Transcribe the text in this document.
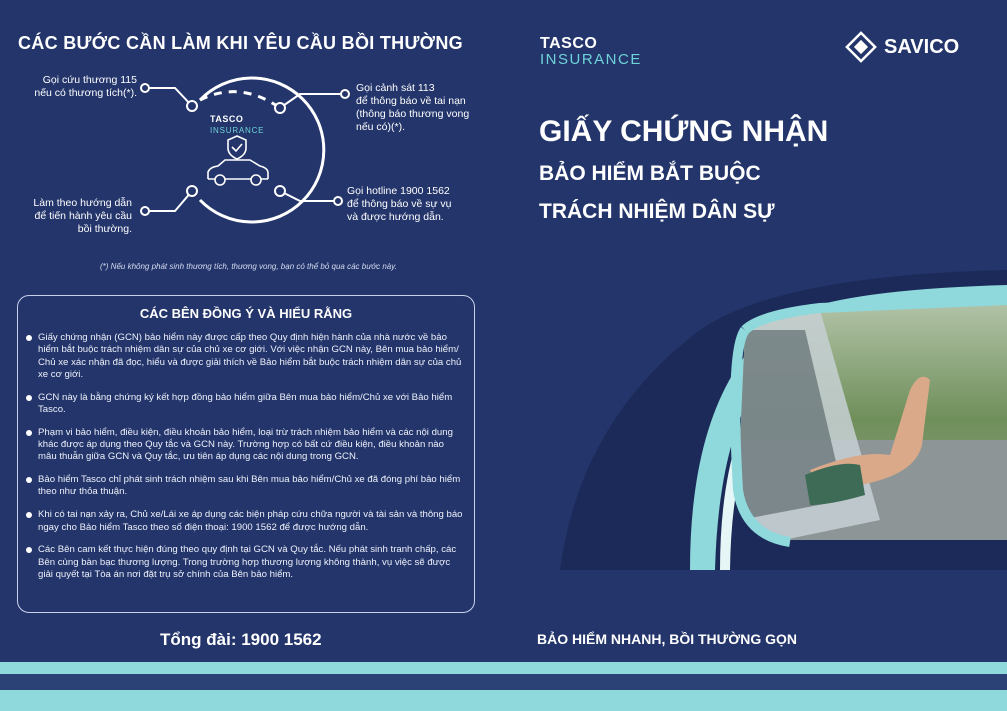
CÁC BƯỚC CẦN LÀM KHI YÊU CẦU BỒI THƯỜNG
TASCO
INSURANCE
Gọi cứu thương 115
nếu có thương tích(*).	Gọi cảnh sát 113
để thông báo về tai nạn
(thông báo thương vong
nếu có)(*).
Làm theo hướng dẫn
để tiến hành yêu cầu
bồi thường.
Gọi hotline 1900 1562
để thông báo về sự vụ
và được hướng dẫn.
(*) Nếu không phát sinh thương tích, thương vong, bạn có thể bỏ qua các bước này.
CÁC BÊN ĐỒNG Ý VÀ HIỂU RẰNG
Giấy chứng nhận (GCN) bảo hiểm này được cấp theo Quy định hiện hành của nhà nước về bảo hiểm bắt buộc trách nhiệm dân sự của chủ xe cơ giới. Với việc nhận GCN này, Bên mua bảo hiểm/ Chủ xe xác nhận đã đọc, hiểu và được giải thích về Bảo hiểm bắt buộc trách nhiệm dân sự của chủ xe cơ giới.
GCN này là bằng chứng ký kết hợp đồng bảo hiểm giữa Bên mua bảo hiểm/Chủ xe với Bảo hiểm Tasco.
Phạm vi bảo hiểm, điều kiện, điều khoản bảo hiểm, loại trừ trách nhiệm bảo hiểm và các nội dung khác được áp dụng theo Quy tắc và GCN này. Trường hợp có bất cứ điều kiện, điều khoản nào mâu thuẫn giữa GCN và Quy tắc, ưu tiên áp dụng các nội dung trong GCN.
Bảo hiểm Tasco chỉ phát sinh trách nhiệm sau khi Bên mua bảo hiểm/Chủ xe đã đóng phí bảo hiểm theo như thỏa thuận.
Khi có tai nạn xảy ra, Chủ xe/Lái xe áp dụng các biện pháp cứu chữa người và tài sản và thông báo ngay cho Bảo hiểm Tasco theo số điện thoại: 1900 1562 để được hướng dẫn.
Các Bên cam kết thực hiện đúng theo quy định tại GCN và Quy tắc. Nếu phát sinh tranh chấp, các Bên cùng bàn bạc thương lượng. Trong trường hợp thương lượng không thành, vụ việc sẽ được giải quyết tại Tòa án nơi đặt trụ sở chính của Bên bảo hiểm.
Tổng đài: 1900 1562
TASCO
INSURANCE
SAVICO
GIẤY CHỨNG NHẬN
BẢO HIỂM BẮT BUỘC
TRÁCH NHIỆM DÂN SỰ
BẢO HIỂM NHANH, BỒI THƯỜNG GỌN
